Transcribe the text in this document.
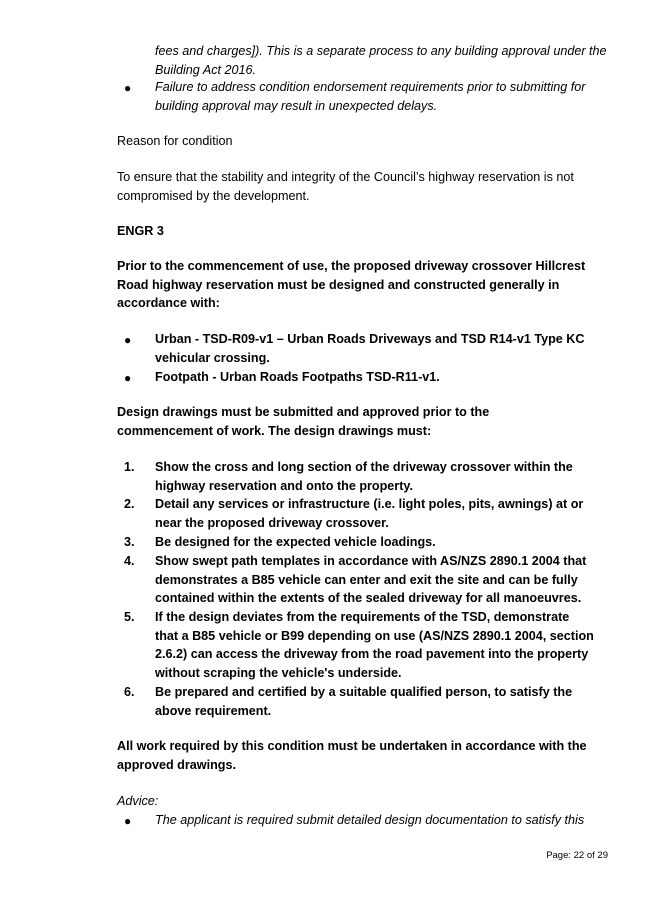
fees and charges]). This is a separate process to any building approval under the Building Act 2016.

● Failure to address condition endorsement requirements prior to submitting for building approval may result in unexpected delays.

Reason for condition

To ensure that the stability and integrity of the Council’s highway reservation is not compromised by the development.

ENGR 3

Prior to the commencement of use, the proposed driveway crossover Hillcrest Road highway reservation must be designed and constructed generally in accordance with:

● Urban - TSD-R09-v1 – Urban Roads Driveways and TSD R14-v1 Type KC vehicular crossing.

● Footpath - Urban Roads Footpaths TSD-R11-v1.

Design drawings must be submitted and approved prior to the commencement of work. The design drawings must:

1. Show the cross and long section of the driveway crossover within the highway reservation and onto the property.

2. Detail any services or infrastructure (i.e. light poles, pits, awnings) at or near the proposed driveway crossover.

3. Be designed for the expected vehicle loadings.

4. Show swept path templates in accordance with AS/NZS 2890.1 2004 that demonstrates a B85 vehicle can enter and exit the site and can be fully contained within the extents of the sealed driveway for all manoeuvres.

5. If the design deviates from the requirements of the TSD, demonstrate that a B85 vehicle or B99 depending on use (AS/NZS 2890.1 2004, section 2.6.2) can access the driveway from the road pavement into the property without scraping the vehicle's underside.

6. Be prepared and certified by a suitable qualified person, to satisfy the above requirement.

All work required by this condition must be undertaken in accordance with the approved drawings.

Advice:

● The applicant is required submit detailed design documentation to satisfy this

Page: 22 of 29
